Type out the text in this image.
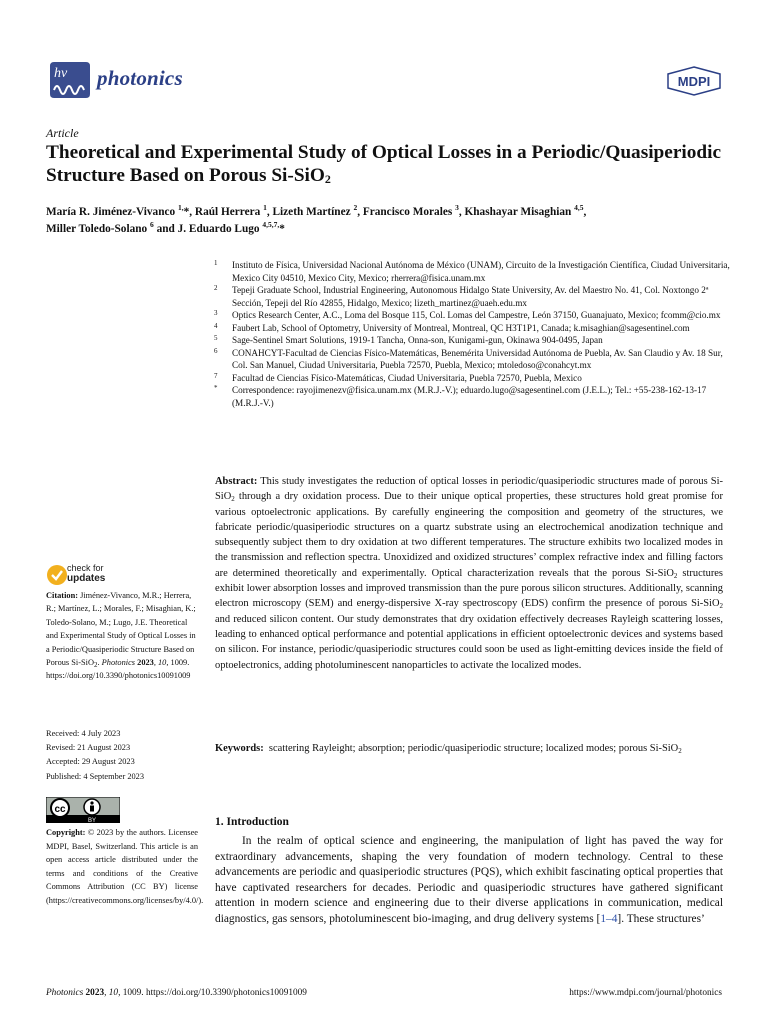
hv photonics	MDPI
Article
Theoretical and Experimental Study of Optical Losses in a Periodic/Quasiperiodic Structure Based on Porous Si-SiO$_2$
María R. Jiménez-Vivanco $^{1,}$*, Raúl Herrera $^1$, Lizeth Martínez $^2$, Francisco Morales $^3$, Khashayar Misaghian $^{4,5}$,
Miller Toledo-Solano $^6$ and J. Eduardo Lugo $^{4,5,7,}$*
1	Instituto de Física, Universidad Nacional Autónoma de México (UNAM), Circuito de la Investigación Científica, Ciudad Universitaria, Mexico City 04510, Mexico City, Mexico; rherrera@fisica.unam.mx
2	Tepeji Graduate School, Industrial Engineering, Autonomous Hidalgo State University, Av. del Maestro No. 41, Col. Noxtongo 2ª Sección, Tepeji del Río 42855, Hidalgo, Mexico; lizeth_martinez@uaeh.edu.mx
3	Optics Research Center, A.C., Loma del Bosque 115, Col. Lomas del Campestre, León 37150, Guanajuato, Mexico; fcomm@cio.mx
4	Faubert Lab, School of Optometry, University of Montreal, Montreal, QC H3T1P1, Canada; k.misaghian@sagesentinel.com
5	Sage-Sentinel Smart Solutions, 1919-1 Tancha, Onna-son, Kunigami-gun, Okinawa 904-0495, Japan
6	CONAHCYT-Facultad de Ciencias Físico-Matemáticas, Benemérita Universidad Autónoma de Puebla, Av. San Claudio y Av. 18 Sur, Col. San Manuel, Ciudad Universitaria, Puebla 72570, Puebla, Mexico; mtoledoso@conahcyt.mx
7	Facultad de Ciencias Físico-Matemáticas, Ciudad Universitaria, Puebla 72570, Puebla, Mexico
*	Correspondence: rayojimenezv@fisica.unam.mx (M.R.J.-V.); eduardo.lugo@sagesentinel.com (J.E.L.); Tel.: +55-238-162-13-17 (M.R.J.-V.)
Abstract: This study investigates the reduction of optical losses in periodic/quasiperiodic structures made of porous Si-SiO$_2$ through a dry oxidation process. Due to their unique optical properties, these structures hold great promise for various optoelectronic applications. By carefully engineering the composition and geometry of the structures, we fabricate periodic/quasiperiodic structures on a quartz substrate using an electrochemical anodization technique and subsequently subject them to dry oxidation at two different temperatures. The structure exhibits two localized modes in the transmission and reflection spectra. Unoxidized and oxidized structures’ complex refractive index and filling factors are determined theoretically and experimentally. Optical characterization reveals that the porous Si-SiO$_2$ structures exhibit lower absorption losses and improved transmission than the pure porous silicon structures. Additionally, scanning electron microscopy (SEM) and energy-dispersive X-ray spectroscopy (EDS) confirm the presence of porous Si-SiO$_2$ and reduced silicon content. Our study demonstrates that dry oxidation effectively decreases Rayleigh scattering losses, leading to enhanced optical performance and potential applications in efficient optoelectronic devices and systems based on silicon. For instance, periodic/quasiperiodic structures could soon be used as light-emitting devices inside the field of optoelectronics, adding photoluminescent nanoparticles to activate the localized modes.
Keywords: scattering Rayleight; absorption; periodic/quasiperiodic structure; localized modes; porous Si-SiO$_2$
check for
updates
Citation: Jiménez-Vivanco, M.R.; Herrera, R.; Martínez, L.; Morales, F.; Misaghian, K.; Toledo-Solano, M.; Lugo, J.E. Theoretical and Experimental Study of Optical Losses in a Periodic/Quasiperiodic Structure Based on Porous Si-SiO$_2$. Photonics 2023, 10, 1009. https://doi.org/10.3390/photonics10091009
Received: 4 July 2023
Revised: 21 August 2023
Accepted: 29 August 2023
Published: 4 September 2023
cc
BY
Copyright: © 2023 by the authors. Licensee MDPI, Basel, Switzerland. This article is an open access article distributed under the terms and conditions of the Creative Commons Attribution (CC BY) license (https://creativecommons.org/licenses/by/4.0/).
1. Introduction
In the realm of optical science and engineering, the manipulation of light has paved the way for extraordinary advancements, shaping the very foundation of modern technology. Central to these advancements are periodic and quasiperiodic structures (PQS), which exhibit fascinating optical properties that have captivated researchers for decades. Periodic and quasiperiodic structures have gathered significant attention in modern science and engineering due to their diverse applications in communication, medical diagnostics, gas sensors, photoluminescent bio-imaging, and drug delivery systems [1–4]. These structures’
Photonics 2023, 10, 1009. https://doi.org/10.3390/photonics10091009	https://www.mdpi.com/journal/photonics
